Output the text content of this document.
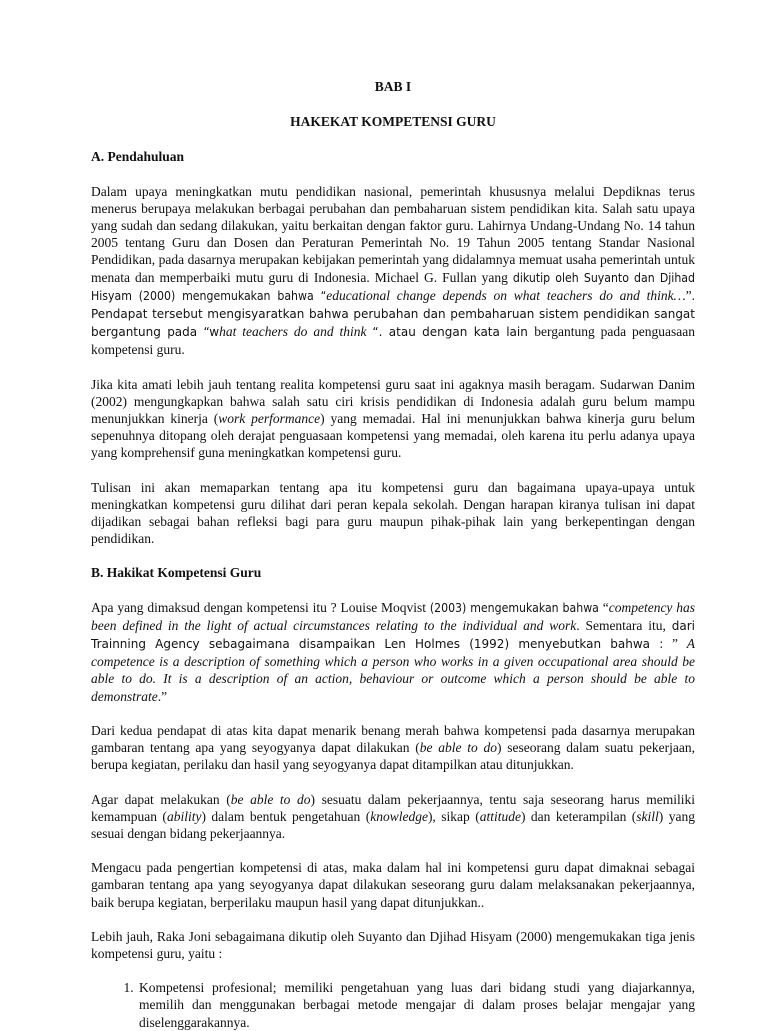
BAB I

HAKEKAT KOMPETENSI GURU

A. Pendahuluan

Dalam upaya meningkatkan mutu pendidikan nasional, pemerintah khususnya melalui Depdiknas terus menerus berupaya melakukan berbagai perubahan dan pembaharuan sistem pendidikan kita. Salah satu upaya yang sudah dan sedang dilakukan, yaitu berkaitan dengan faktor guru. Lahirnya Undang-Undang No. 14 tahun 2005 tentang Guru dan Dosen dan Peraturan Pemerintah No. 19 Tahun 2005 tentang Standar Nasional Pendidikan, pada dasarnya merupakan kebijakan pemerintah yang didalamnya memuat usaha pemerintah untuk menata dan memperbaiki mutu guru di Indonesia. Michael G. Fullan yang dikutip oleh Suyanto dan Djihad Hisyam (2000) mengemukakan bahwa “educational change depends on what teachers do and think…”. Pendapat tersebut mengisyaratkan bahwa perubahan dan pembaharuan sistem pendidikan sangat bergantung pada “what teachers do and think “. atau dengan kata lain bergantung pada penguasaan kompetensi guru.

Jika kita amati lebih jauh tentang realita kompetensi guru saat ini agaknya masih beragam. Sudarwan Danim (2002) mengungkapkan bahwa salah satu ciri krisis pendidikan di Indonesia adalah guru belum mampu menunjukkan kinerja (work performance) yang memadai. Hal ini menunjukkan bahwa kinerja guru belum sepenuhnya ditopang oleh derajat penguasaan kompetensi yang memadai, oleh karena itu perlu adanya upaya yang komprehensif guna meningkatkan kompetensi guru.

Tulisan ini akan memaparkan tentang apa itu kompetensi guru dan bagaimana upaya-upaya untuk meningkatkan kompetensi guru dilihat dari peran kepala sekolah. Dengan harapan kiranya tulisan ini dapat dijadikan sebagai bahan refleksi bagi para guru maupun pihak-pihak lain yang berkepentingan dengan pendidikan.

B. Hakikat Kompetensi Guru

Apa yang dimaksud dengan kompetensi itu ? Louise Moqvist (2003) mengemukakan bahwa “competency has been defined in the light of actual circumstances relating to the individual and work. Sementara itu, dari Trainning Agency sebagaimana disampaikan Len Holmes (1992) menyebutkan bahwa : ” A competence is a description of something which a person who works in a given occupational area should be able to do. It is a description of an action, behaviour or outcome which a person should be able to demonstrate.”

Dari kedua pendapat di atas kita dapat menarik benang merah bahwa kompetensi pada dasarnya merupakan gambaran tentang apa yang seyogyanya dapat dilakukan (be able to do) seseorang dalam suatu pekerjaan, berupa kegiatan, perilaku dan hasil yang seyogyanya dapat ditampilkan atau ditunjukkan.

Agar dapat melakukan (be able to do) sesuatu dalam pekerjaannya, tentu saja seseorang harus memiliki kemampuan (ability) dalam bentuk pengetahuan (knowledge), sikap (attitude) dan keterampilan (skill) yang sesuai dengan bidang pekerjaannya.

Mengacu pada pengertian kompetensi di atas, maka dalam hal ini kompetensi guru dapat dimaknai sebagai gambaran tentang apa yang seyogyanya dapat dilakukan seseorang guru dalam melaksanakan pekerjaannya, baik berupa kegiatan, berperilaku maupun hasil yang dapat ditunjukkan..

Lebih jauh, Raka Joni sebagaimana dikutip oleh Suyanto dan Djihad Hisyam (2000) mengemukakan tiga jenis kompetensi guru, yaitu :

1. Kompetensi profesional; memiliki pengetahuan yang luas dari bidang studi yang diajarkannya, memilih dan menggunakan berbagai metode mengajar di dalam proses belajar mengajar yang diselenggarakannya.
